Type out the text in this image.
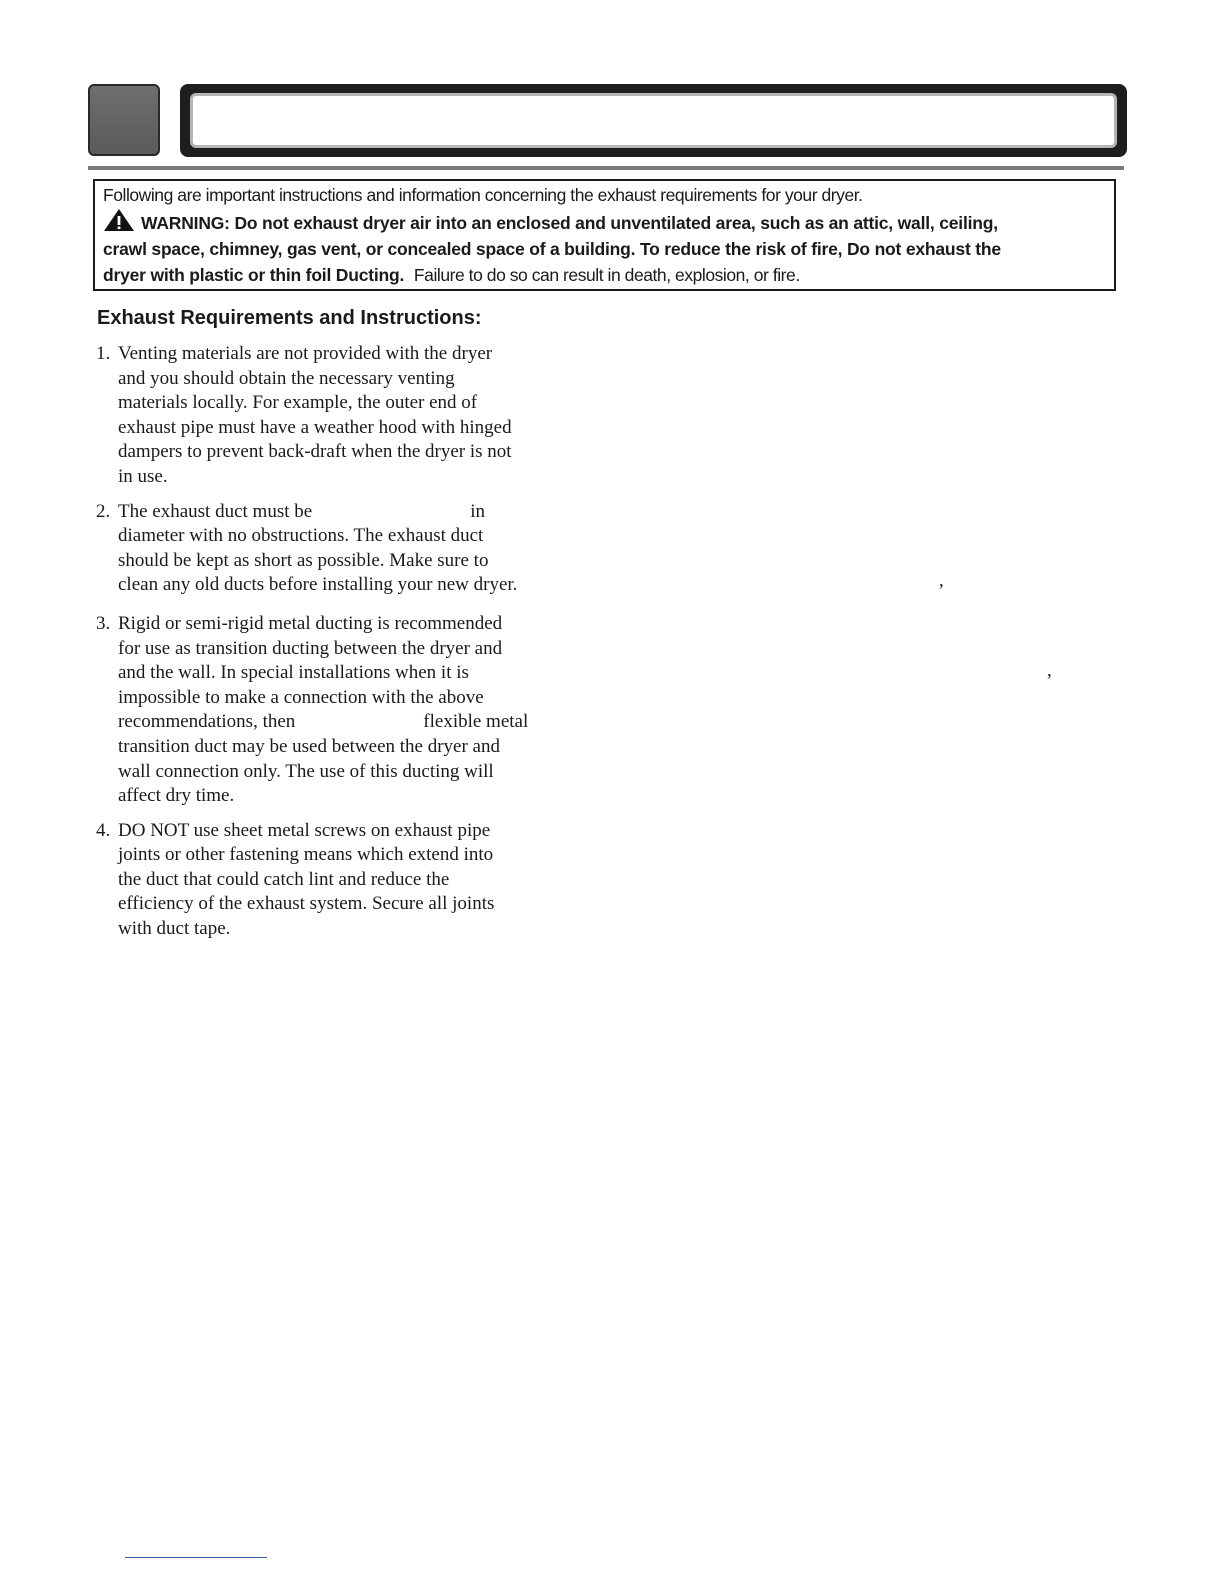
Following are important instructions and information concerning the exhaust requirements for your dryer.
WARNING: Do not exhaust dryer air into an enclosed and unventilated area, such as an attic, wall, ceiling,
crawl space, chimney, gas vent, or concealed space of a building. To reduce the risk of fire, Do not exhaust the
dryer with plastic or thin foil Ducting. Failure to do so can result in death, explosion, or fire.
Exhaust Requirements and Instructions:
1. Venting materials are not provided with the dryer
and you should obtain the necessary venting
materials locally. For example, the outer end of
exhaust pipe must have a weather hood with hinged
dampers to prevent back-draft when the dryer is not
in use.
2. The exhaust duct must be	in
diameter with no obstructions. The exhaust duct
should be kept as short as possible. Make sure to
clean any old ducts before installing your new dryer.
3. Rigid or semi-rigid metal ducting is recommended
for use as transition ducting between the dryer and
and the wall. In special installations when it is
impossible to make a connection with the above
recommendations, then	flexible metal
transition duct may be used between the dryer and
wall connection only. The use of this ducting will
affect dry time.
4. DO NOT use sheet metal screws on exhaust pipe
joints or other fastening means which extend into
the duct that could catch lint and reduce the
efficiency of the exhaust system. Secure all joints
with duct tape.
,
,
